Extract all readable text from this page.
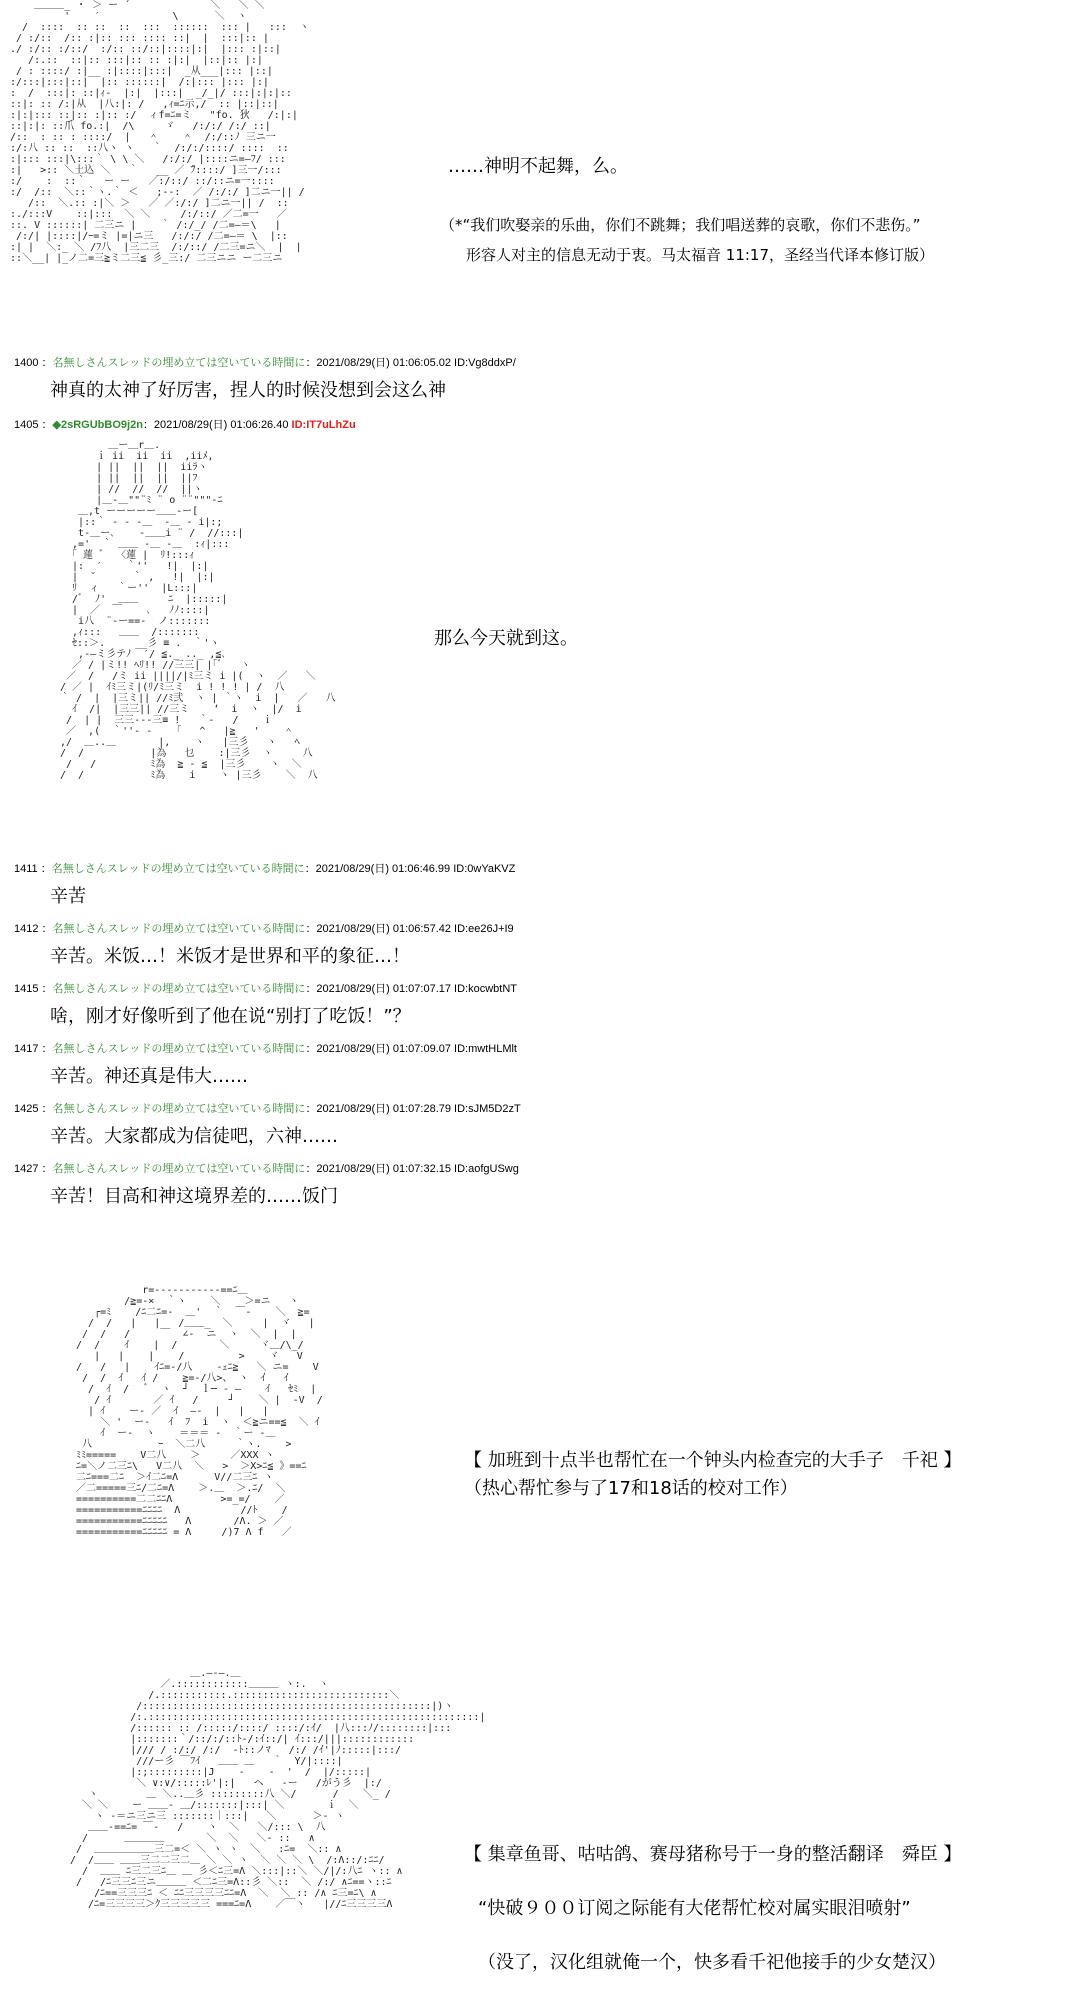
＿＿＿_ ・ ＞ ー ´         ￣￣ ＼   ＼ ＼
'    ′            \      ＼  ヽ
/  ::::  :: ::  ::  :::  ::::::  ::: |   :::  ヽ
/ :/::  /:: :|:: ::: :::: ::|  |  :::|:: |
./ :/:: :/::/  :/:: ::/::|::::|:|  |::: :|::|
/:.::  ::|:: :::|:: :: :|:|  |::|:: |:|
/ : ::::/ :|__ :|::::|:::|  _从___|::: |::|
:/:::|:::|::|  |:: ::::::|  /:|::: |::: |:|
:  /  :::|: ::|ｨ‐  |:|  |:::|  _/_|/ :::|:|:|::
::|: :: /:|从  |八:|: /   ,ｨ=ﾆ示,/  :: |::|::|
:|:|::: ::|:: :|:: :/  ィf=ﾆ=ミ   "fo. 狄   /:|:|
::|:|: ::爪 fo.:|  /\     ゞ   /:/:/ /:/ ::|
/::  : :: : ::::/  |   ＾    ＾  /:/::ﾉ 三ニ一
:/:八 :: ::  ::八ヽ ヽ   ｀  /:/:/::::/ ::::  ::
:|::: :::|\:::｀ \ \ ＼   /:/:/ |::::ニ=―ﾌ/ :::
:|   >:: ＼土込 ＼   ｀   __ ／ ̄ﾌ::::/ ]三一/:::
:/    :  ::｀   ー ー   ／:/::/ ::/::ニ=一::::
:/  /::  ＼::｀ヽ.｀ ＜   ;--:  ／ /:/:/ ]二ニ一|| /
/::  ＼.:: :|＼ ＞   ／ ／:/:/ ]二ニ一|| /  ::
:./:::V    ::|:::  ＼ ＼     /:/::/ ／二=一   ／
::. V ::::::| 二三ニ |    ｀ /:/_/ /二=―＝\   |
/:/| |::::|/ｰ=ミ |=|ニ三   /:/:/ /二=―＝ \  |::
:| |  ＼:_ ＼ /ﾌ八  |三二三  /:/::/ /二三=ニ＼  |  |
::＼__| |_ノ二=三≧ミ二三≦ 彡_三:/ 二三ニニ ー二三ニ
……神明不起舞，么。
（*“我们吹娶亲的乐曲，你们不跳舞；我们唱送葬的哀歌，你们不悲伤。”
形容人对主的信息无动于衷。马太福音 11:17，圣经当代译本修订版）
1400 ：名無しさんスレッドの埋め立ては空いている時間に：2021/08/29(日) 01:06:05.02 ID:Vg8ddxP/
神真的太神了好厉害，捏人的时候没想到会这么神
1405 ：◆2sRGUbBO9j2n：2021/08/29(日) 01:06:26.40 ID:IT7uLhZu
＿ー＿r＿.
ｉ ii  ii  ii  ,iiﾒ,
| ||  ||  ||  iiﾗヽ
| ||  ||  ||  ||ﾌ
| //  //  //  ||ヽ
|＿-＿""¨ﾐ ¨ o ¨¨"""-ﾆ
＿,t ーーーーー＿＿‐ー[
|::｀ ‐ ‐ ‐＿  ‐＿ ‐ i|:;
t‐＿ー､    ‐＿＿i ¨ /  //:::|
,='  ｀ ＿＿ ‐＿ ‐＿  :ｨ|:::
｢ 蓮 ﾞ  〈蓮 |  ﾘ!:::ｨ
|:  ′    ｀''   !|  |:|
|  ˘      ｀ ,   !|  |:|
ﾘ  ィ   ｀ー''  |L:::|
/ﾞ  ﾉ'  ＿＿     ﾆ  |:::::|
|  ／  ￣    ､   ﾉﾉ::::|
i八  ¨‐ー==‐  ノ:::::::
,ｨ:::   ＿＿  /:::::::
ｾ::＞.     __彡 ≡ .  ｀'ヽ
,-―ミ彡テﾉ  ′/ ≦._ .._ ,≦､
／ / |ミ!! ﾍﾘ!! //三三| |｢ﾞ   ヽ
／  /   /ミ ii ||||/|ﾐ三ミ i |(  ヽ  ／   ＼
/ ／ |  ｲﾐ三ミ|(ﾘ/ﾐ三ミ  i ! ! ! | /  八
｀ /  |  |三ミ|| //ﾐ弐  ヽ | ｀ヽ  i  |   ／   八
ｲ  /|  |三三|| //三ミ    ‘  i  ヽ  |/  i
/  | |  三三---三≡ !   ｀‐   /    ｉ
／  ,(  ｀''‐ -    ｢   ^   |≧   '    ＾
,/  ＿..＿       |,    ヽ   |三彡   ヽ   ﾍ
/  /           |為   乜    :|三彡  ヽ     八
/   /         ﾐ為  ≧ ‐ ≦  |三彡    ヽ  ＼
/  /           ﾐ為    i    ヽ |三彡    ＼  八
那么今天就到这。
1411 ：名無しさんスレッドの埋め立ては空いている時間に：2021/08/29(日) 01:06:46.99 ID:0wYaKVZ
辛苦
1412 ：名無しさんスレッドの埋め立ては空いている時間に：2021/08/29(日) 01:06:57.42 ID:ee26J+I9
辛苦。米饭…！米饭才是世界和平的象征…！
1415 ：名無しさんスレッドの埋め立ては空いている時間に：2021/08/29(日) 01:07:07.17 ID:kocwbtNT
啥，刚才好像听到了他在说“别打了吃饭！”？
1417 ：名無しさんスレッドの埋め立ては空いている時間に：2021/08/29(日) 01:07:09.07 ID:mwtHLMlt
辛苦。神还真是伟大……
1425 ：名無しさんスレッドの埋め立ては空いている時間に：2021/08/29(日) 01:07:28.79 ID:sJM5D2zT
辛苦。大家都成为信徒吧，六神……
1427 ：名無しさんスレッドの埋め立ては空いている時間に：2021/08/29(日) 01:07:32.15 ID:aofgUSwg
辛苦！目高和神这境界差的……饭门
r=‐‐‐‐‐‐‐‐‐‐‐==ﾆ＿
/≧=-×  ｀ヽ    ＼    ＞=ニ   ヽ
┌=ﾐ    /ﾆ二ﾆ=‐  ＿'  ｀  ￣‐    ＼  ≧=
/  /   |   |   /＿＿_  ＼     |  ヾ   |
/  /   /     ￣  ∠‐  ニ  ヽ  ＼  |  |
/  /    ｲ    |  /       ＼     ヾ＿/\_/
|   |    |    /         >    ヾ   V
/   /   |    ｲﾆ=-/八    -ｪﾆ≧   ＼ ニ=    V
/  /  ｲ   ｲ /    ≧=-/八>、 ヽ  ｲ   ｲ
/  ｲ  /   ﾞ  ヽ  ┘  ｌ─ ‐ ―    ｲ   ｾﾐ  |
/ ｲ       ／ ｲ   /     ┘    ＼ |  ‐V  /
| ｲ    ー‐ ／  ｲ  ―‐  |   |   |
＼ '  ー‐   ｲ  ﾌ  i  ヽ  ＜≧ニ==≦  ＼ ｲ
ｲ  ー‐  ヽ    ＝＝＝ -  ｀ー ‐＿
八           ｰ  ＼二八     ｀ヽ.    >
ﾐﾐ=====    V二八    ＞     ／XXX ヽ
ﾆ=＼ノ二三ﾆ\   V二八  ＼   >  ＞X>ﾆ≦ 》==ﾆ
二ﾆ===二ﾆ  ＞ｲ二ﾆ=Λ      V//二三ﾆ ヽ
／二=====三ﾆ/二ﾆ=Λ    ＞.＿  ＞.ﾆ/  ＼
==========二二ﾆﾆΛ        >=_=/    ／
===========ﾆﾆﾆﾆ  Λ          //ﾄ    /
===========ﾆﾆﾆﾆﾆ   Λ       /Λ. ＞ ／
===========ﾆﾆﾆﾆﾆ = Λ     /)7 Λ f   ／
【 加班到十点半也帮忙在一个钟头内检查完的大手子　千祀 】
（热心帮忙参与了17和18话的校对工作）
＿.―‐―.＿
／.::::::::::::＿＿＿ ヽ:.  ヽ
/.:::::::::::.::::::::::::::::::::::::::＼
/::::::::::::::::::::::::::::::::::::::::::::::::|)ヽ
/:.:::::::::::::::::::::::::::::::::::::::::::::::::::::::|
/:::::: :: /:::::/::::/ ::::/:ｲ/  |八:::ﾉ/::::::::|:::
|:::::::｀/::/:/::ﾄ‐/:ｲ::/| ｲ:::/|||::::::::::::
|/// / :/:/ /:/  ‐ﾄ::ノﾏ   /:/ /ｲ'|ﾉ:::::|:::/
///ー彡 ￣ﾌｲ   ＿＿ ＿   ｀  Y/|::::|
|:;:::::::::|J    ‐    ‐  '  /  |/:::::|
＼ ∨:∨/:::::ﾚ'|:|   ヘ   ‐ー   /がう彡  |:/
ヽ        ＿ ＼..＿彡 :::::::::八 ＼/      /    ＼_ /
＼ ＼    ー ＿＿‐ ＿/:::::::|:::| ＼       ｉ  ＼
ヽ -＝ニ三ニ三 :::::::｜:::|   ＼      ＞‐ ヽ
＿＿-==ﾆ= ￣‐   /    ヽ  ＼   ＼/::: \  八
/      ＿＿＿＿       ＼  ＼   ＼‐ ::   ∧
/  ＿＿＿＿＿＿三二=＜ ＼ ヽ ヽ  ＼   :ﾆ=  ＼:: ∧
/  /＿＿ ＿＿三二二三二＿ ＼ ＼ ヽ  ＼ ＼ ＼ \  /:Λ::/:ﾆﾆ/
/  ＿＿ ﾆ三二三ﾆ＿ ＿ 彡＜ﾆ三=Λ ＼:::|::＼ ＼/|/:八ﾆ ヽ:: ∧
/   /ﾆ三三ﾆ三ニ＿＿＿ ＜二ﾆ三=Λ::彡 ＼::  ＼ /:/ ∧ﾆ==ヽ::ﾆ
/ﾆ==三三三ﾆ ＜ ﾆﾆ三三三三ﾆﾆ=Λ  ＼  ＼ :: /∧ ﾆ三=ﾆ\ ∧
/ﾆ=三三三三＞ｸ三三三三三 ===ﾆ=Λ    ／￣ヽ   |//ﾆ三三三三Λ
【 集章鱼哥、咕咕鸽、赛母猪称号于一身的整活翻译　舜臣 】
“快破９００订阅之际能有大佬帮忙校对属实眼泪喷射”
（没了，汉化组就俺一个，快多看千祀他接手的少女楚汉）
